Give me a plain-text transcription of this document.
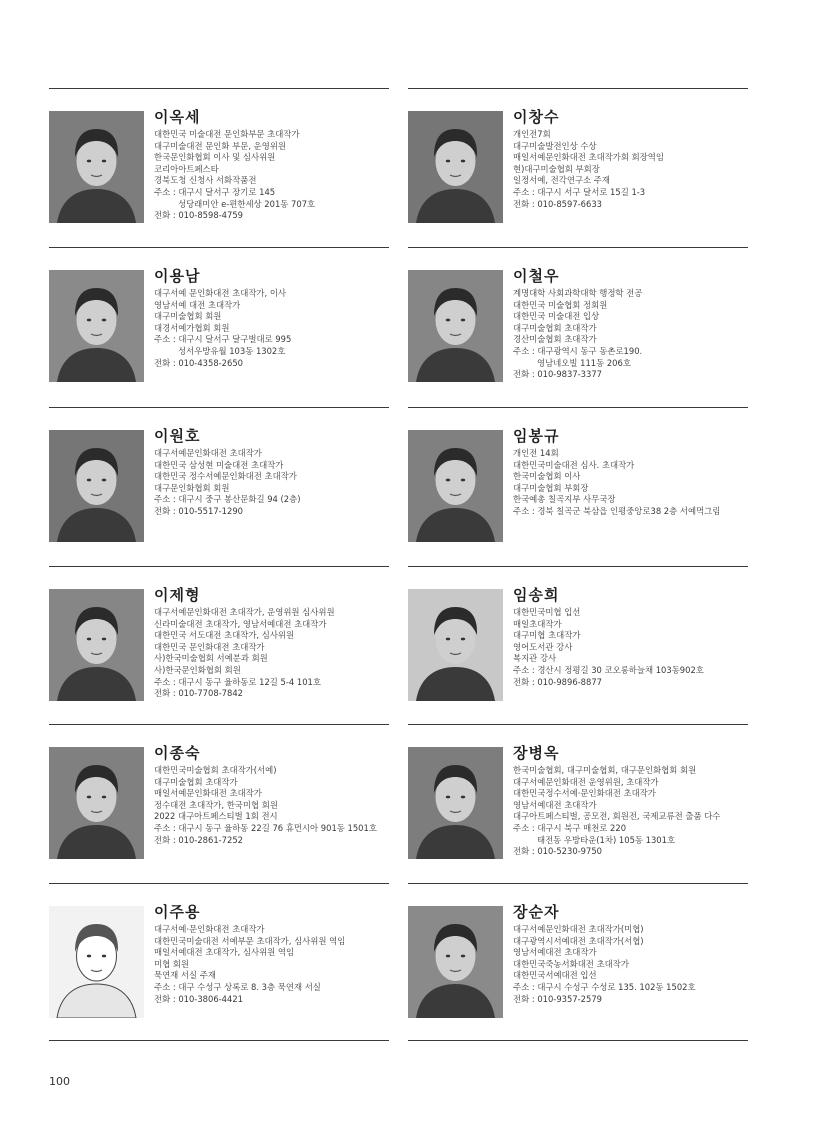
이옥세
대한민국 미술대전 문인화부문 초대작가
대구미술대전 문인화 부문, 운영위원
한국문인화협회 이사 및 심사위원
코리아아트페스타
경북도청 신청사 서화작품전
주소 : 대구시 달서구 장기로 145
성당래미안 e-편한세상 201동 707호
전화 : 010-8598-4759
이용남
대구서예 문인화대전 초대작가, 이사
영남서예 대전 초대작가
대구미술협회 회원
대경서예가협회 회원
주소 : 대구시 달서구 달구벌대로 995
성서우방유월 103동 1302호
전화 : 010-4358-2650
이원호
대구서예문인화대전 초대작가
대한민국 삼성현 미술대전 초대작가
대한민국 정수서예문인화대전 초대작가
대구문인화협회 회원
주소 : 대구시 중구 봉산문화길 94 (2층)
전화 : 010-5517-1290
이제형
대구서예문인화대전 초대작가, 운영위원 심사위원
신라미술대전 초대작가, 영남서예대전 초대작가
대한민국 서도대전 초대작가, 심사위원
대한민국 문인화대전 초대작가
사)한국미술협회 서예분과 회원
사)한국문인화협회 회원
주소 : 대구시 동구 율하동로 12길 5-4 101호
전화 : 010-7708-7842
이종숙
대한민국미술협회 초대작가(서예)
대구미술협회 초대작가
매일서예문인화대전 초대작가
정수대전 초대작가, 한국미협 회원
2022 대구아트페스티벌 1회 전시
주소 : 대구시 동구 율하동 22길 76 휴먼시아 901동 1501호
전화 : 010-2861-7252
이주용
대구서예·문인화대전 초대작가
대한민국미술대전 서예부문 초대작가, 심사위원 역임
매일서예대전 초대작가, 심사위원 역임
미협 회원
묵연재 서실 주재
주소 : 대구 수성구 상록로 8. 3층 묵연재 서실
전화 : 010-3806-4421
이창수
개인전7회
대구미술발전인상 수상
매일서예문인화대전 초대작가회 회장역임
현)대구미술협회 부회장
일정서예, 전각연구소 주재
주소 : 대구시 서구 달서로 15길 1-3
전화 : 010-8597-6633
이철우
계명대학 사회과학대학 행정학 전공
대한민국 미술협회 정회원
대한민국 미술대전 입상
대구미술협회 초대작가
경산미술협회 초대작가
주소 : 대구광역시 동구 동촌로190.
영남네오빌 111동 206호
전화 : 010-9837-3377
임봉규
개인전 14회
대한민국미술대전 심사. 초대작가
한국미술협회 이사
대구미술협회 부회장
한국예총 칠곡지부 사무국장
주소 : 경북 칠곡군 북삼읍 인평중앙로38 2층 서예먹그림
임송희
대한민국미협 입선
매일초대작가
대구미협 초대작가
영어도서관 강사
복지관 강사
주소 : 경산시 정평길 30 코오롱하늘채 103동902호
전화 : 010-9896-8877
장병옥
한국미술협회, 대구미술협회, 대구문인화협회 회원
대구서예문인화대전 운영위원, 초대작가
대한민국정수서예·문인화대전 초대작가
영남서예대전 초대작가
대구아트페스티벌, 공모전, 회원전, 국제교류전 출품 다수
주소 : 대구시 북구 매천로 220
태전동 우방타운(1차) 105동 1301호
전화 : 010-5230-9750
장순자
대구서예문인화대전 초대작가(미협)
대구광역시서예대전 초대작가(서협)
영남서예대전 초대작가
대한민국죽농서화대전 초대작가
대한민국서예대전 입선
주소 : 대구시 수성구 수성로 135. 102동 1502호
전화 : 010-9357-2579
100
